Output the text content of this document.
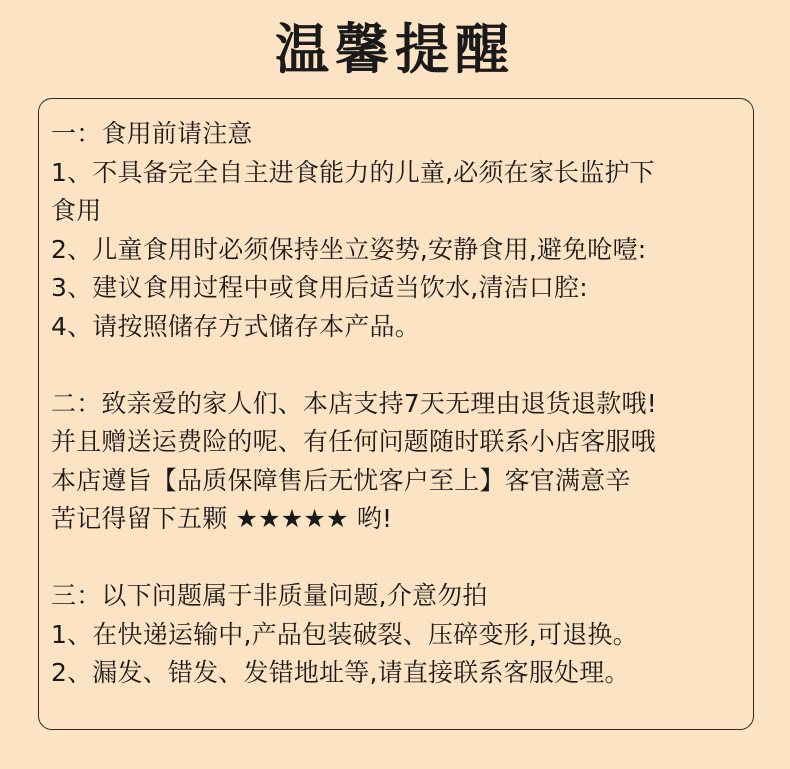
温馨提醒
一：食用前请注意
1、不具备完全自主进食能力的儿童,必须在家长监护下
食用
2、儿童食用时必须保持坐立姿势,安静食用,避免呛噎:
3、建议食用过程中或食用后适当饮水,清洁口腔:
4、请按照储存方式储存本产品。
二：致亲爱的家人们、本店支持7天无理由退货退款哦!
并且赠送运费险的呢、有任何问题随时联系小店客服哦
本店遵旨【品质保障售后无忧客户至上】客官满意辛
苦记得留下五颗 ★★★★★ 哟!
三：以下问题属于非质量问题,介意勿拍
1、在快递运输中,产品包装破裂、压碎变形,可退换。
2、漏发、错发、发错地址等,请直接联系客服处理。
